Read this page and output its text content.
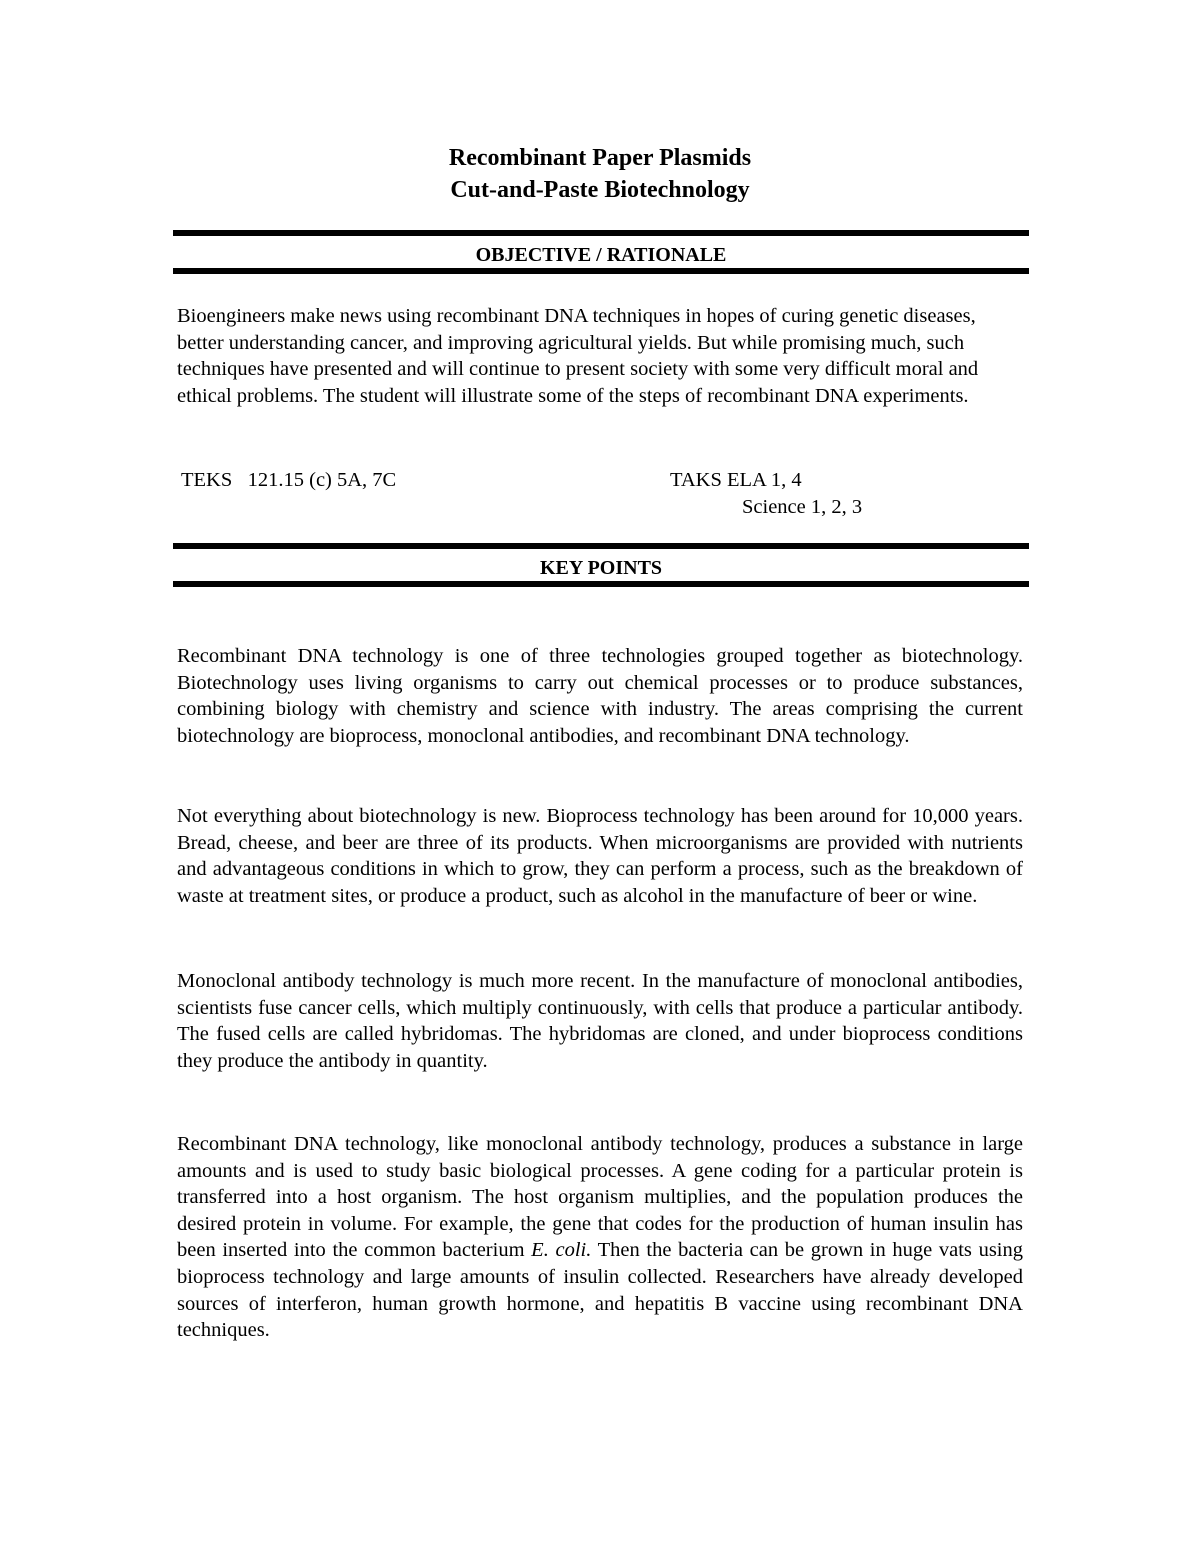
Recombinant Paper Plasmids
Cut-and-Paste Biotechnology
OBJECTIVE / RATIONALE

Bioengineers make news using recombinant DNA techniques in hopes of curing genetic diseases, better understanding cancer, and improving agricultural yields. But while promising much, such techniques have presented and will continue to present society with some very difficult moral and ethical problems. The student will illustrate some of the steps of recombinant DNA experiments.

TEKS   121.15 (c) 5A, 7C	TAKS ELA 1, 4
Science 1, 2, 3
KEY POINTS

Recombinant DNA technology is one of three technologies grouped together as biotechnology. Biotechnology uses living organisms to carry out chemical processes or to produce substances, combining biology with chemistry and science with industry. The areas comprising the current biotechnology are bioprocess, monoclonal antibodies, and recombinant DNA technology.

Not everything about biotechnology is new. Bioprocess technology has been around for 10,000 years. Bread, cheese, and beer are three of its products. When microorganisms are provided with nutrients and advantageous conditions in which to grow, they can perform a process, such as the breakdown of waste at treatment sites, or produce a product, such as alcohol in the manufacture of beer or wine.

Monoclonal antibody technology is much more recent. In the manufacture of monoclonal antibodies, scientists fuse cancer cells, which multiply continuously, with cells that produce a particular antibody. The fused cells are called hybridomas. The hybridomas are cloned, and under bioprocess conditions they produce the antibody in quantity.

Recombinant DNA technology, like monoclonal antibody technology, produces a substance in large amounts and is used to study basic biological processes. A gene coding for a particular protein is transferred into a host organism. The host organism multiplies, and the population produces the desired protein in volume. For example, the gene that codes for the production of human insulin has been inserted into the common bacterium E. coli. Then the bacteria can be grown in huge vats using bioprocess technology and large amounts of insulin collected. Researchers have already developed sources of interferon, human growth hormone, and hepatitis B vaccine using recombinant DNA techniques.
